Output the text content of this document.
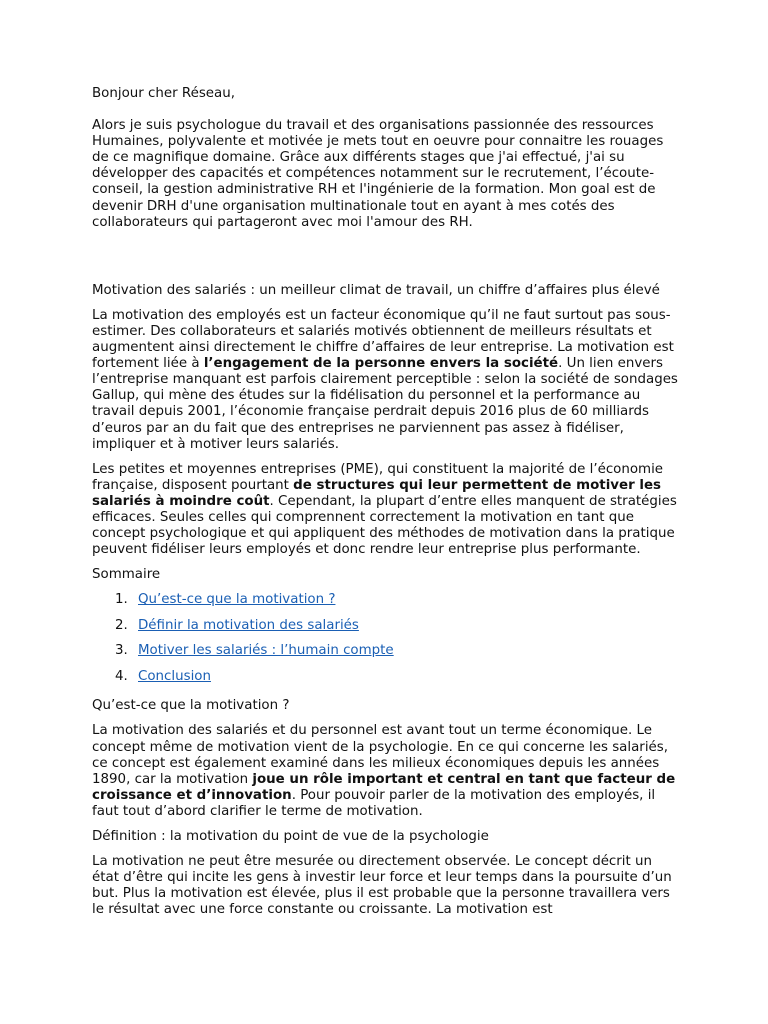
Bonjour cher Réseau,

Alors je suis psychologue du travail et des organisations passionnée des ressources Humaines, polyvalente et motivée je mets tout en oeuvre pour connaitre les rouages de ce magnifique domaine. Grâce aux différents stages que j'ai effectué, j'ai su développer des capacités et compétences notamment sur le recrutement, l’écoute-conseil, la gestion administrative RH et l'ingénierie de la formation. Mon goal est de devenir DRH d'une organisation multinationale tout en ayant à mes cotés des collaborateurs qui partageront avec moi l'amour des RH.

Motivation des salariés : un meilleur climat de travail, un chiffre d’affaires plus élevé

La motivation des employés est un facteur économique qu’il ne faut surtout pas sous-estimer. Des collaborateurs et salariés motivés obtiennent de meilleurs résultats et augmentent ainsi directement le chiffre d’affaires de leur entreprise. La motivation est fortement liée à l’engagement de la personne envers la société. Un lien envers l’entreprise manquant est parfois clairement perceptible : selon la société de sondages Gallup, qui mène des études sur la fidélisation du personnel et la performance au travail depuis 2001, l’économie française perdrait depuis 2016 plus de 60 milliards d’euros par an du fait que des entreprises ne parviennent pas assez à fidéliser, impliquer et à motiver leurs salariés.

Les petites et moyennes entreprises (PME), qui constituent la majorité de l’économie française, disposent pourtant de structures qui leur permettent de motiver les salariés à moindre coût. Cependant, la plupart d’entre elles manquent de stratégies efficaces. Seules celles qui comprennent correctement la motivation en tant que concept psychologique et qui appliquent des méthodes de motivation dans la pratique peuvent fidéliser leurs employés et donc rendre leur entreprise plus performante.

Sommaire

1. Qu’est-ce que la motivation ?
2. Définir la motivation des salariés
3. Motiver les salariés : l’humain compte
4. Conclusion

Qu’est-ce que la motivation ?

La motivation des salariés et du personnel est avant tout un terme économique. Le concept même de motivation vient de la psychologie. En ce qui concerne les salariés, ce concept est également examiné dans les milieux économiques depuis les années 1890, car la motivation joue un rôle important et central en tant que facteur de croissance et d’innovation. Pour pouvoir parler de la motivation des employés, il faut tout d’abord clarifier le terme de motivation.

Définition : la motivation du point de vue de la psychologie

La motivation ne peut être mesurée ou directement observée. Le concept décrit un état d’être qui incite les gens à investir leur force et leur temps dans la poursuite d’un but. Plus la motivation est élevée, plus il est probable que la personne travaillera vers le résultat avec une force constante ou croissante. La motivation est
